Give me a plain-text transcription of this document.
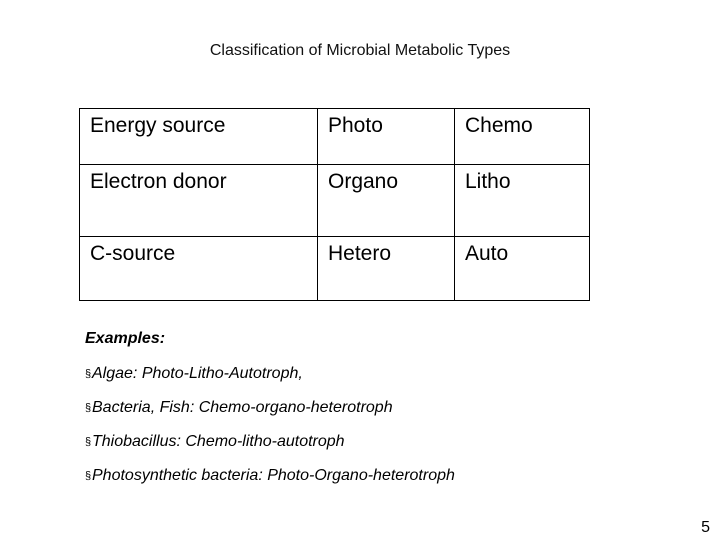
Classification of Microbial Metabolic Types
Energy source	Photo	Chemo
Electron donor	Organo	Litho
C-source	Hetero	Auto
Examples:
§Algae: Photo-Litho-Autotroph,
§Bacteria, Fish: Chemo-organo-heterotroph
§Thiobacillus: Chemo-litho-autotroph
§Photosynthetic bacteria: Photo-Organo-heterotroph
5
